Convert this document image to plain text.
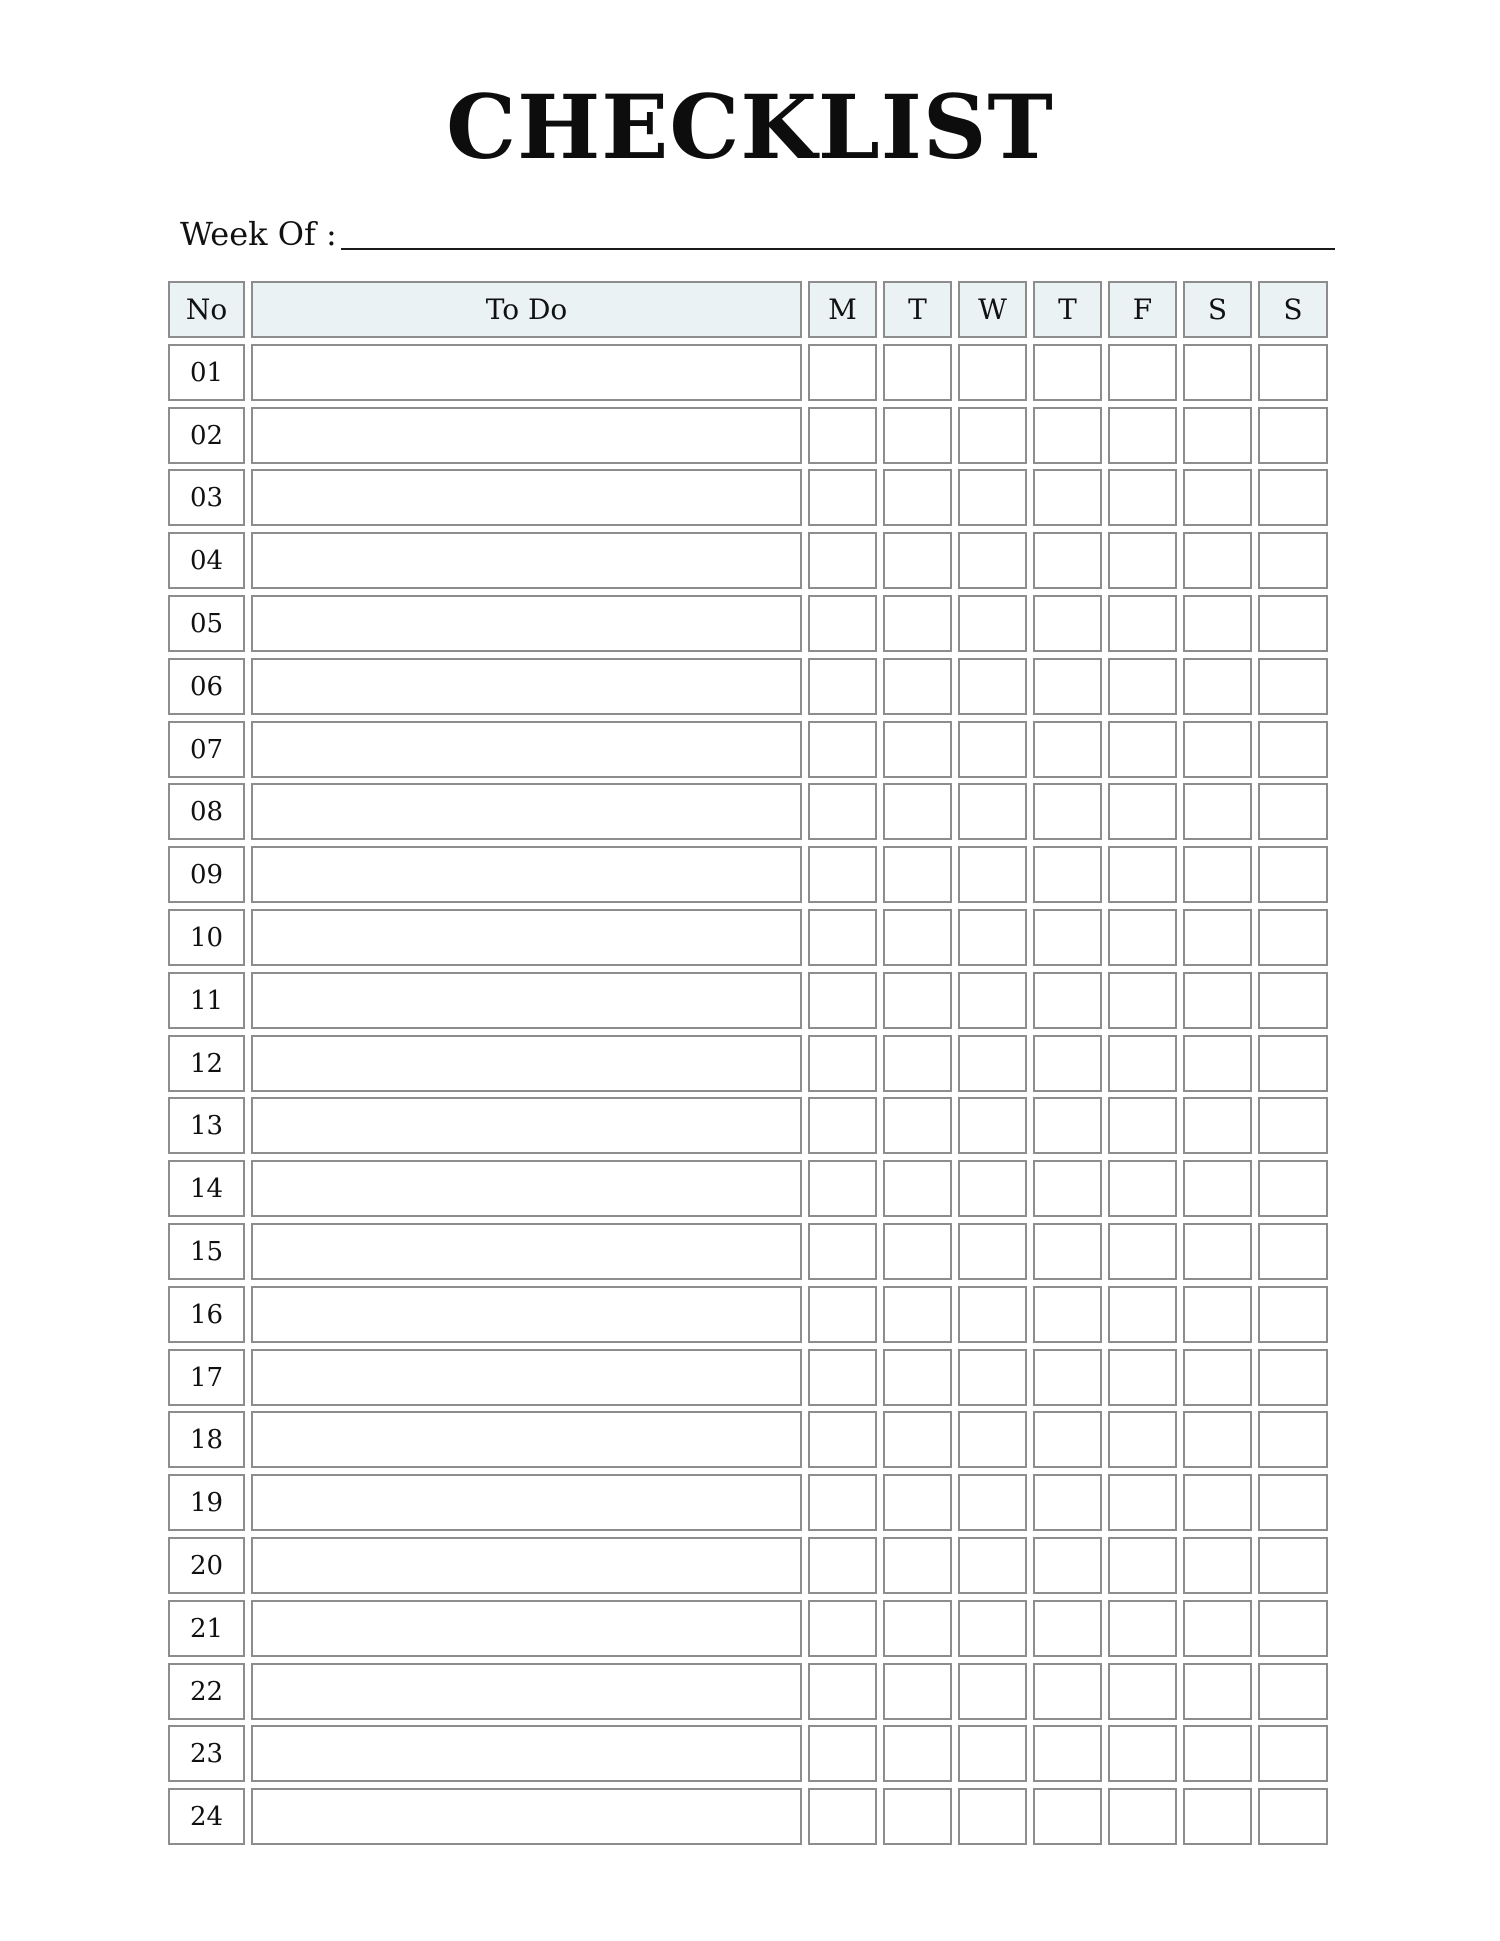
CHECKLIST
Week Of :
No	To Do	M	T	W	T	F	S	S
01
02
03
04
05
06
07
08
09
10
11
12
13
14
15
16
17
18
19
20
21
22
23
24
